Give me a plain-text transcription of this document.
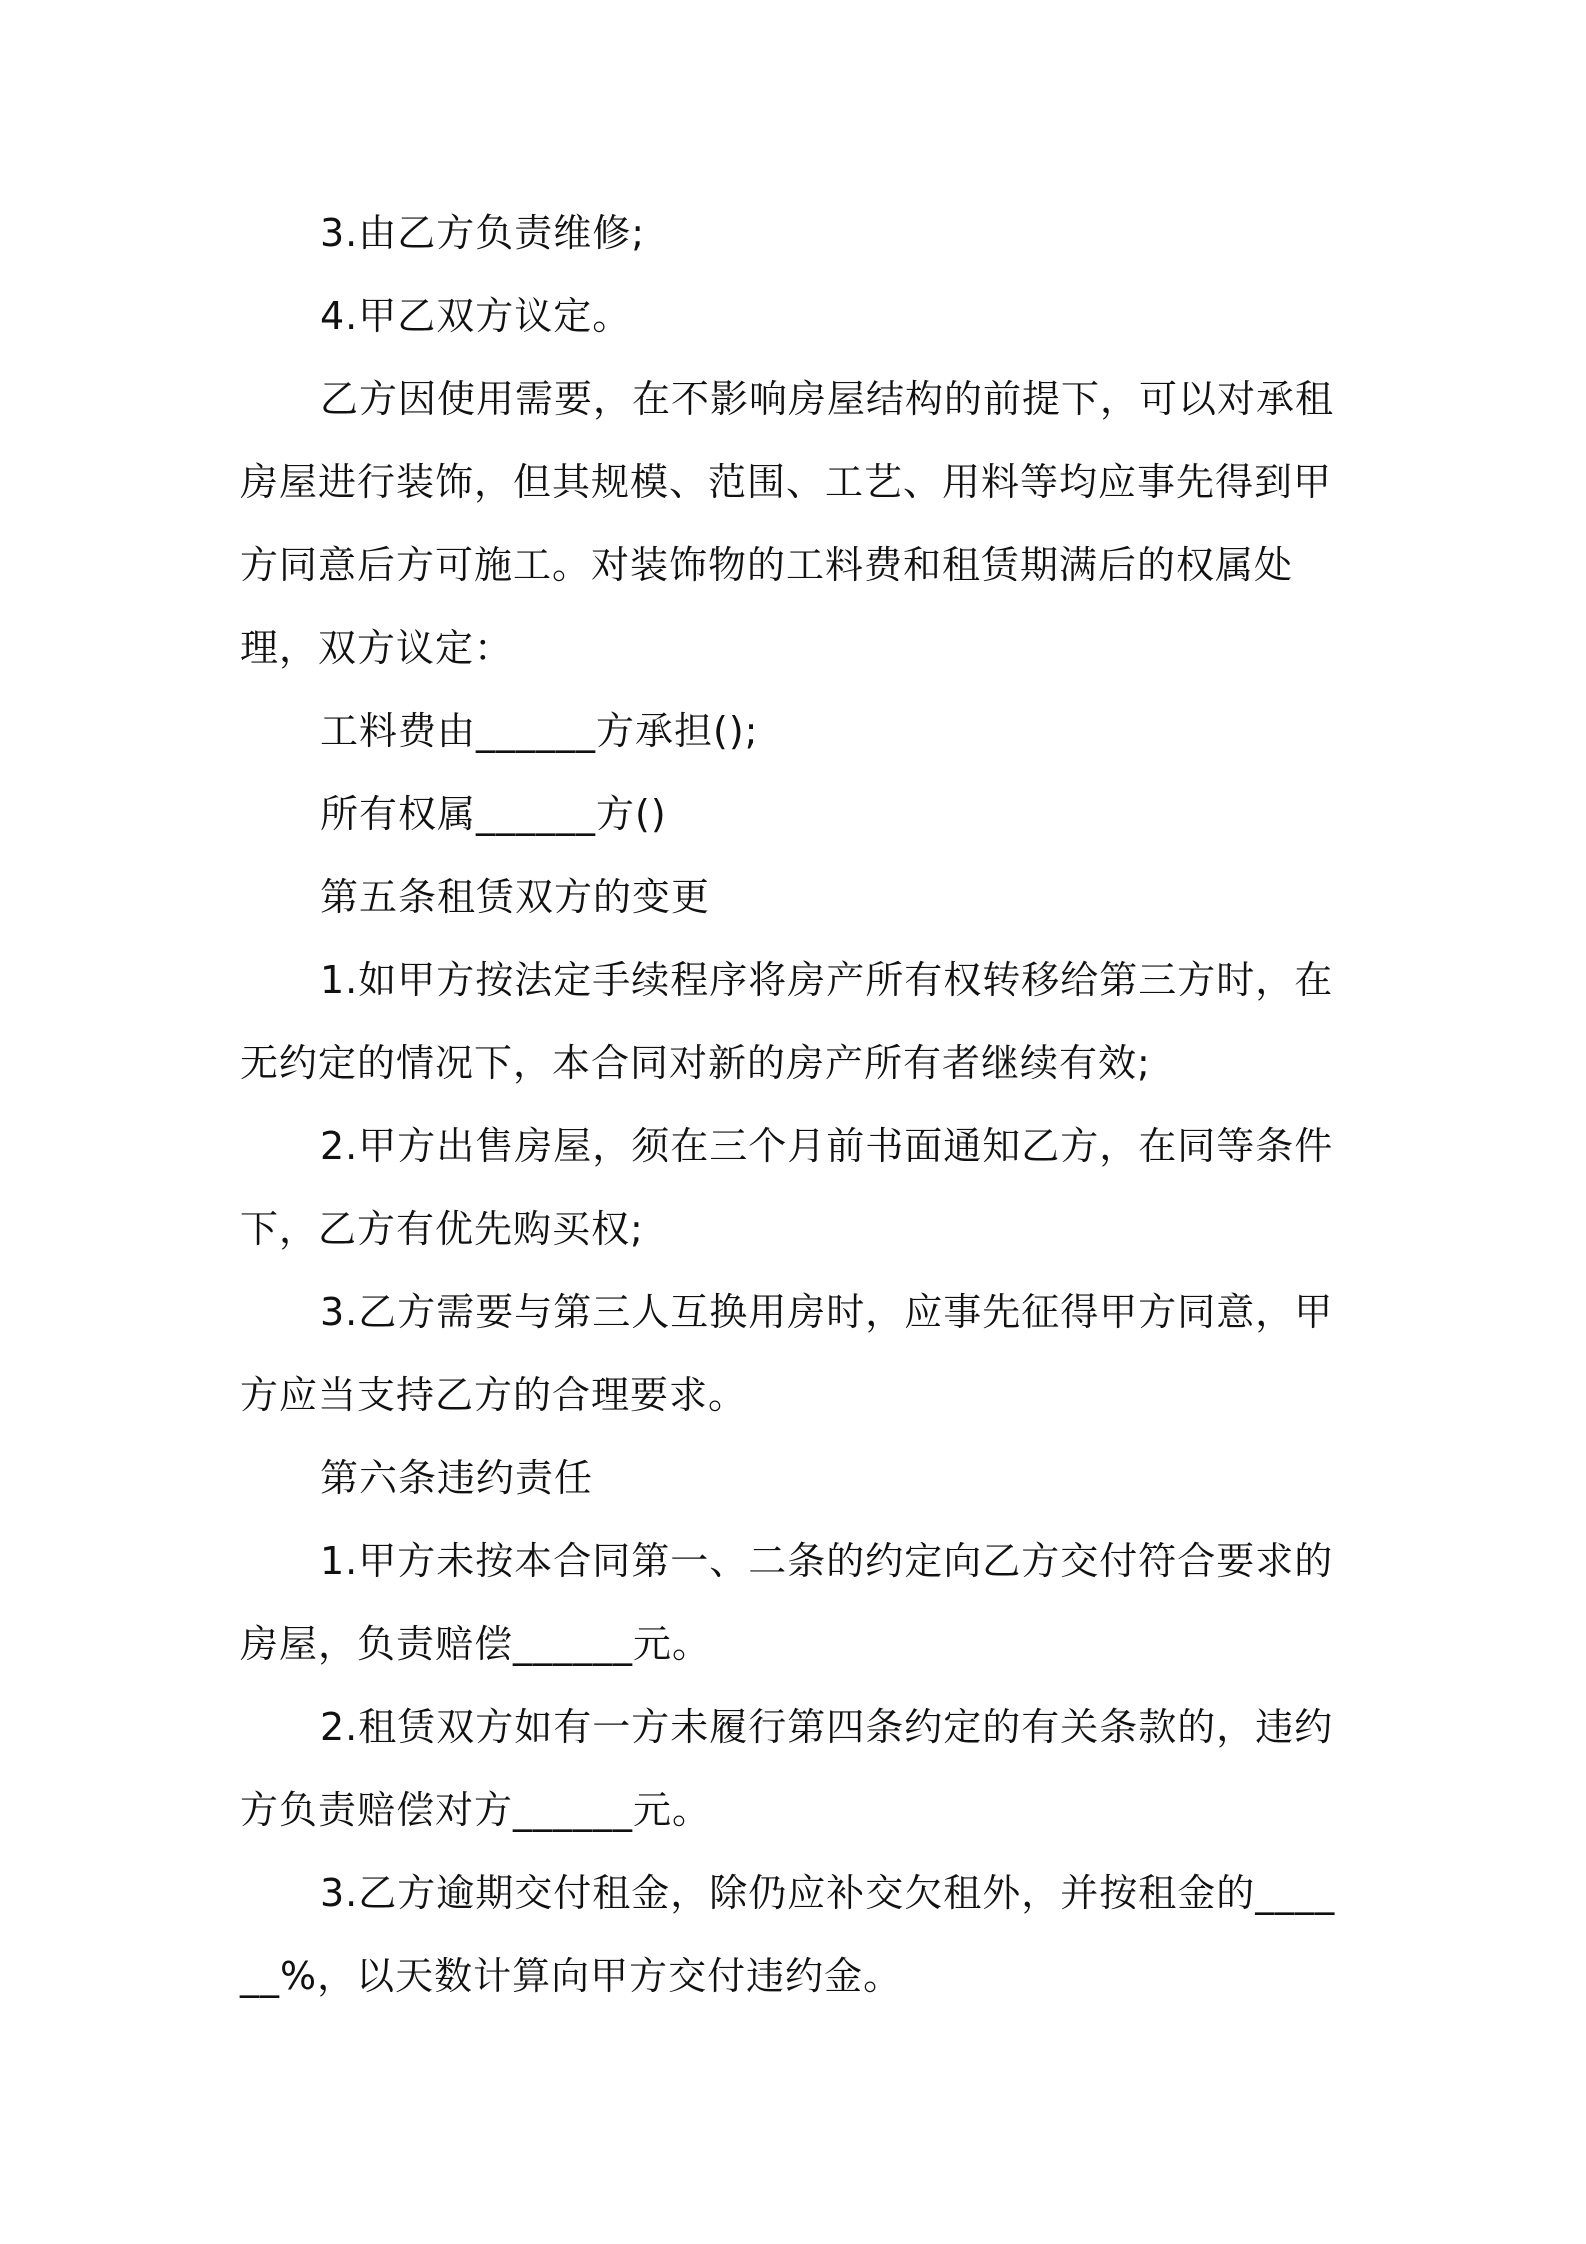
3.由乙方负责维修;

4.甲乙双方议定。

乙方因使用需要，在不影响房屋结构的前提下，可以对承租房屋进行装饰，但其规模、范围、工艺、用料等均应事先得到甲方同意后方可施工。对装饰物的工料费和租赁期满后的权属处理，双方议定：

工料费由______方承担();

所有权属______方()

第五条租赁双方的变更

1.如甲方按法定手续程序将房产所有权转移给第三方时，在无约定的情况下，本合同对新的房产所有者继续有效;

2.甲方出售房屋，须在三个月前书面通知乙方，在同等条件下，乙方有优先购买权;

3.乙方需要与第三人互换用房时，应事先征得甲方同意，甲方应当支持乙方的合理要求。

第六条违约责任

1.甲方未按本合同第一、二条的约定向乙方交付符合要求的房屋，负责赔偿______元。

2.租赁双方如有一方未履行第四条约定的有关条款的，违约方负责赔偿对方______元。

3.乙方逾期交付租金，除仍应补交欠租外，并按租金的______%，以天数计算向甲方交付违约金。
